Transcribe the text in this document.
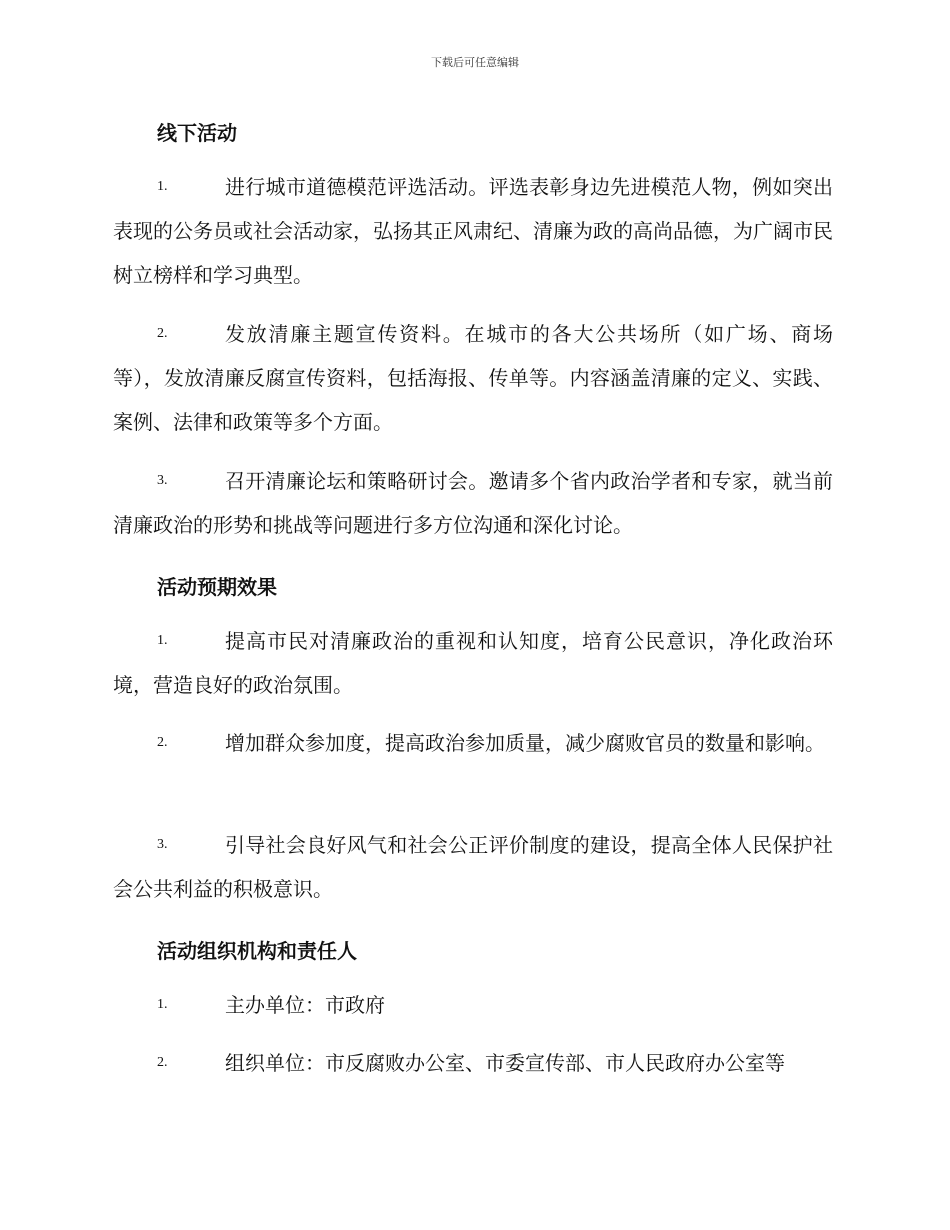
下载后可任意编辑
线下活动
1.	进行城市道德模范评选活动。评选表彰身边先进模范人物，例如突出表现的公务员或社会活动家，弘扬其正风肃纪、清廉为政的高尚品德，为广阔市民树立榜样和学习典型。
2.	发放清廉主题宣传资料。在城市的各大公共场所（如广场、商场等），发放清廉反腐宣传资料，包括海报、传单等。内容涵盖清廉的定义、实践、案例、法律和政策等多个方面。
3.	召开清廉论坛和策略研讨会。邀请多个省内政治学者和专家，就当前清廉政治的形势和挑战等问题进行多方位沟通和深化讨论。
活动预期效果
1.	提高市民对清廉政治的重视和认知度，培育公民意识，净化政治环境，营造良好的政治氛围。
2.	增加群众参加度，提高政治参加质量，减少腐败官员的数量和影响。
3.	引导社会良好风气和社会公正评价制度的建设，提高全体人民保护社会公共利益的积极意识。
活动组织机构和责任人
1.	主办单位：市政府
2.	组织单位：市反腐败办公室、市委宣传部、市人民政府办公室等
